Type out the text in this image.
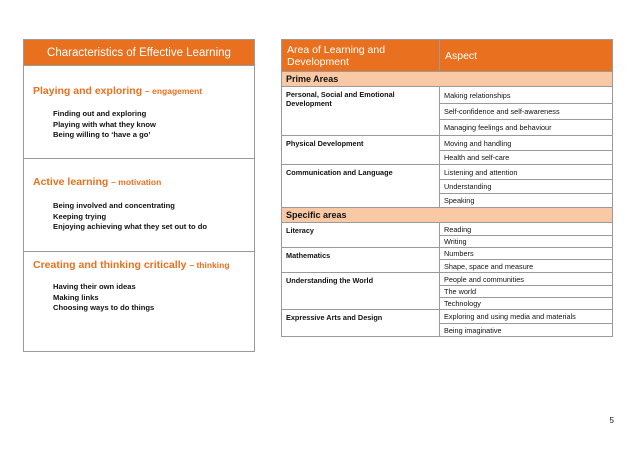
Characteristics of Effective Learning
Playing and exploring – engagement
Finding out and exploring
Playing with what they know
Being willing to ‘have a go’
Active learning – motivation
Being involved and concentrating
Keeping trying
Enjoying achieving what they set out to do
Creating and thinking critically – thinking
Having their own ideas
Making links
Choosing ways to do things
Area of Learning and Development	Aspect
Prime Areas	
Personal, Social and Emotional Development	Making relationships
	Self-confidence and self-awareness
	Managing feelings and behaviour
Physical Development	Moving and handling
	Health and self-care
Communication and Language	Listening and attention
	Understanding
	Speaking
Specific areas	
Literacy	Reading
	Writing
Mathematics	Numbers
	Shape, space and measure
Understanding the World	People and communities
	The world
	Technology
Expressive Arts and Design	Exploring and using media and materials
	Being imaginative
5
